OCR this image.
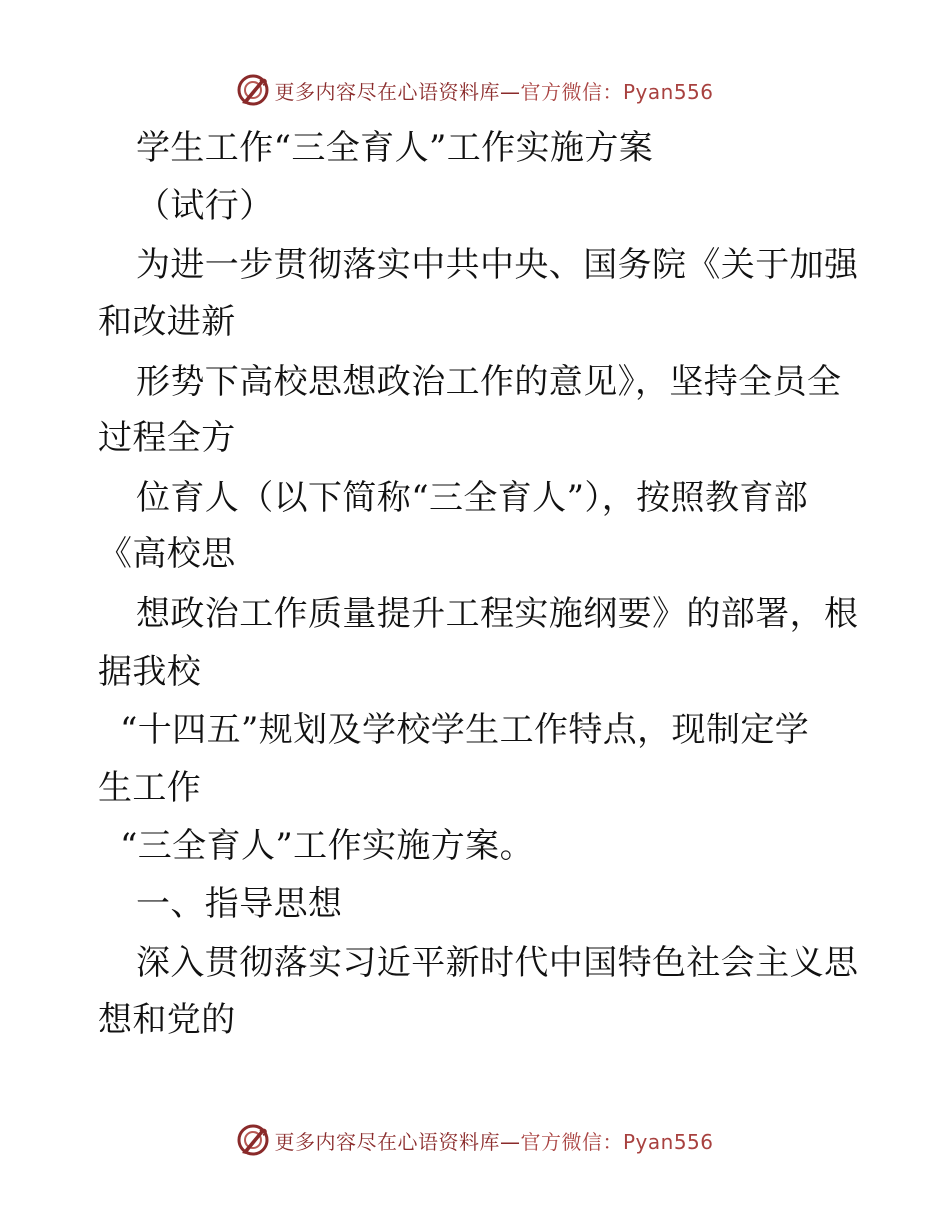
更多内容尽在心语资料库—官方微信：Pyan556
学生工作“三全育人”工作实施方案
（试行）
为进一步贯彻落实中共中央、国务院《关于加强
和改进新
形势下高校思想政治工作的意见》，坚持全员全
过程全方
位育人（以下简称“三全育人”），按照教育部
《高校思
想政治工作质量提升工程实施纲要》的部署，根
据我校
“十四五”规划及学校学生工作特点，现制定学
生工作
“三全育人”工作实施方案。
一、指导思想
深入贯彻落实习近平新时代中国特色社会主义思
想和党的
更多内容尽在心语资料库—官方微信：Pyan556
